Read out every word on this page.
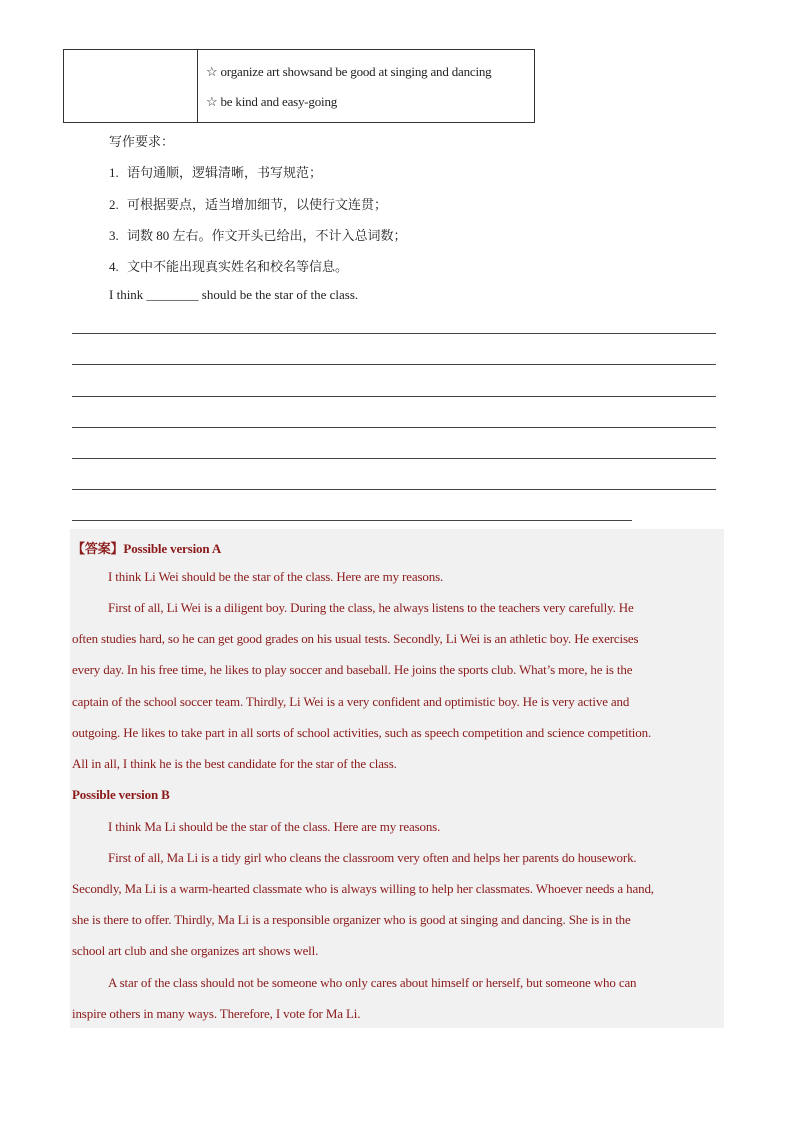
☆ organize art showsand be good at singing and dancing
☆ be kind and easy-going
写作要求：
1. 语句通顺，逻辑清晰，书写规范；
2. 可根据要点，适当增加细节，以使行文连贯；
3. 词数 80 左右。作文开头已给出，不计入总词数；
4. 文中不能出现真实姓名和校名等信息。
I think ________ should be the star of the class.
【答案】Possible version A
I think Li Wei should be the star of the class. Here are my reasons.
First of all, Li Wei is a diligent boy. During the class, he always listens to the teachers very carefully. He
often studies hard, so he can get good grades on his usual tests. Secondly, Li Wei is an athletic boy. He exercises
every day. In his free time, he likes to play soccer and baseball. He joins the sports club. What’s more, he is the
captain of the school soccer team. Thirdly, Li Wei is a very confident and optimistic boy. He is very active and
outgoing. He likes to take part in all sorts of school activities, such as speech competition and science competition.
All in all, I think he is the best candidate for the star of the class.
Possible version B
I think Ma Li should be the star of the class. Here are my reasons.
First of all, Ma Li is a tidy girl who cleans the classroom very often and helps her parents do housework.
Secondly, Ma Li is a warm-hearted classmate who is always willing to help her classmates. Whoever needs a hand,
she is there to offer. Thirdly, Ma Li is a responsible organizer who is good at singing and dancing. She is in the
school art club and she organizes art shows well.
A star of the class should not be someone who only cares about himself or herself, but someone who can
inspire others in many ways. Therefore, I vote for Ma Li.
